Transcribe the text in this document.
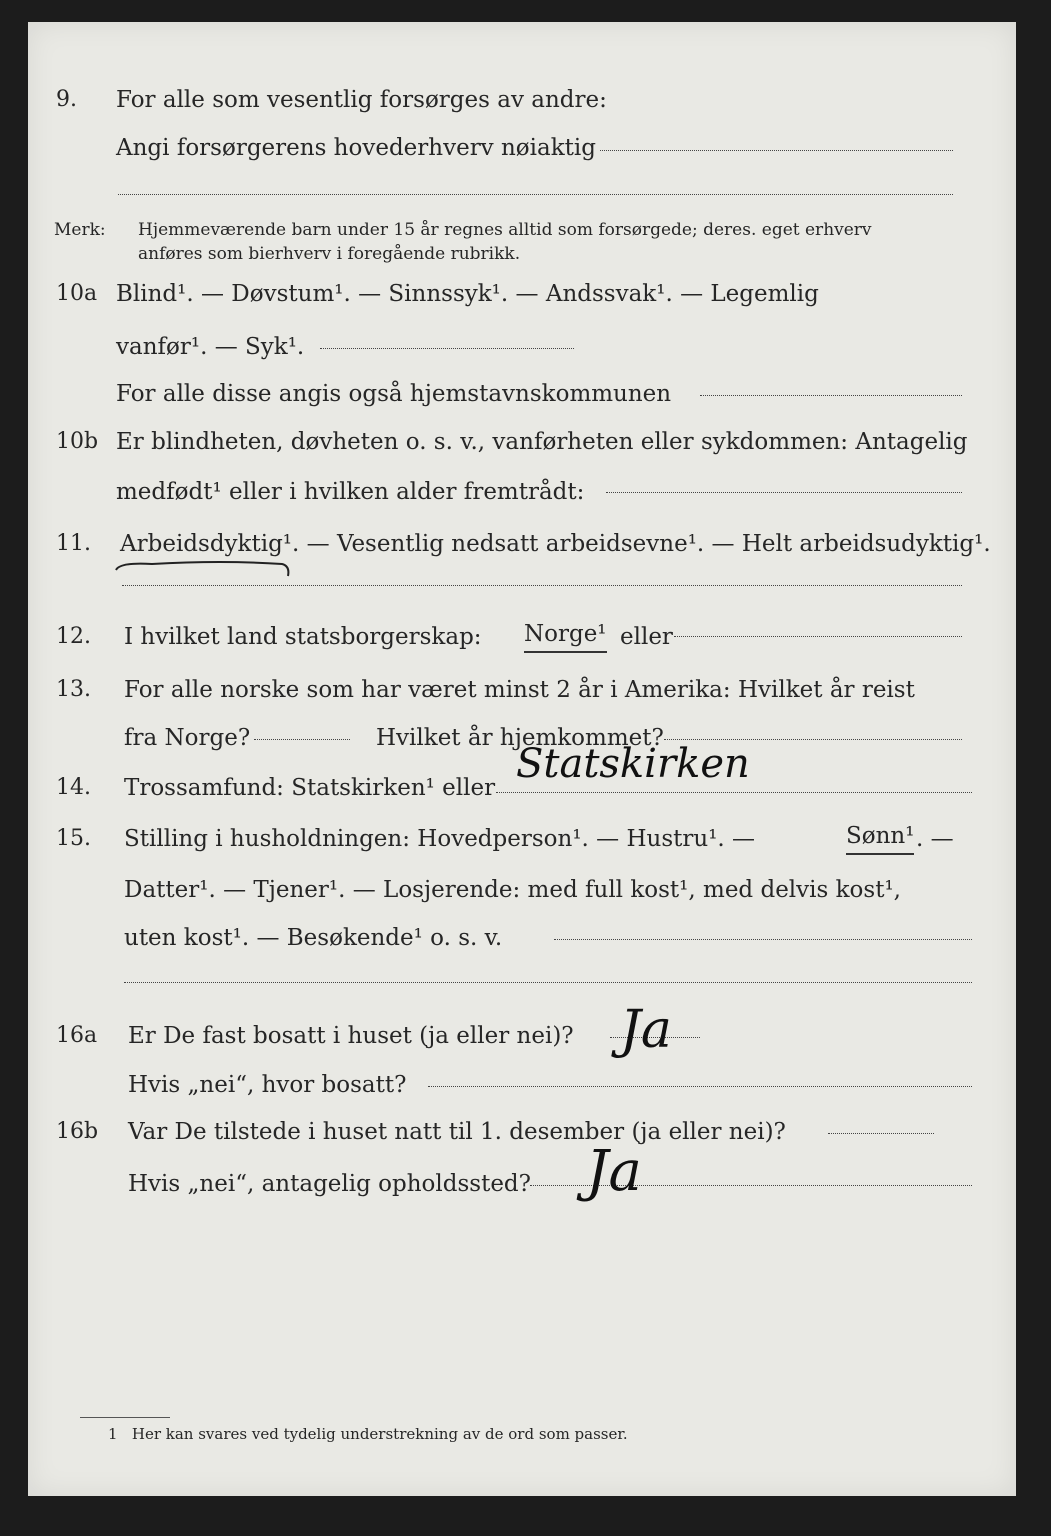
9. For alle som vesentlig forsørges av andre:
Angi forsørgerens hovederhverv nøiaktig
Merk: Hjemmeværende barn under 15 år regnes alltid som forsørgede; deres. eget erhverv
anføres som bierhverv i foregående rubrikk.
10a Blind¹. — Døvstum¹. — Sinnssyk¹. — Andssvak¹. — Legemlig
vanfør¹. — Syk¹.
For alle disse angis også hjemstavnskommunen
10b Er blindheten, døvheten o. s. v., vanførheten eller sykdommen: Antagelig
medfødt¹ eller i hvilken alder fremtrådt:
11. Arbeidsdyktig¹. — Vesentlig nedsatt arbeidsevne¹. — Helt arbeidsudyktig¹.
12. I hvilket land statsborgerskap: Norge¹ eller
13. For alle norske som har været minst 2 år i Amerika: Hvilket år reist
fra Norge?	Hvilket år hjemkommet?
14. Trossamfund: Statskirken¹ eller
Statskirken
15. Stilling i husholdningen: Hovedperson¹. — Hustru¹. —	Sønn¹ . —
Datter¹. — Tjener¹. — Losjerende: med full kost¹, med delvis kost¹,
uten kost¹. — Besøkende¹ o. s. v.
16a Er De fast bosatt i huset (ja eller nei)? Ja
Hvis „nei“, hvor bosatt?
16b Var De tilstede i huset natt til 1. desember (ja eller nei)?
Hvis „nei“, antagelig opholdssted? Ja
1 Her kan svares ved tydelig understrekning av de ord som passer.
